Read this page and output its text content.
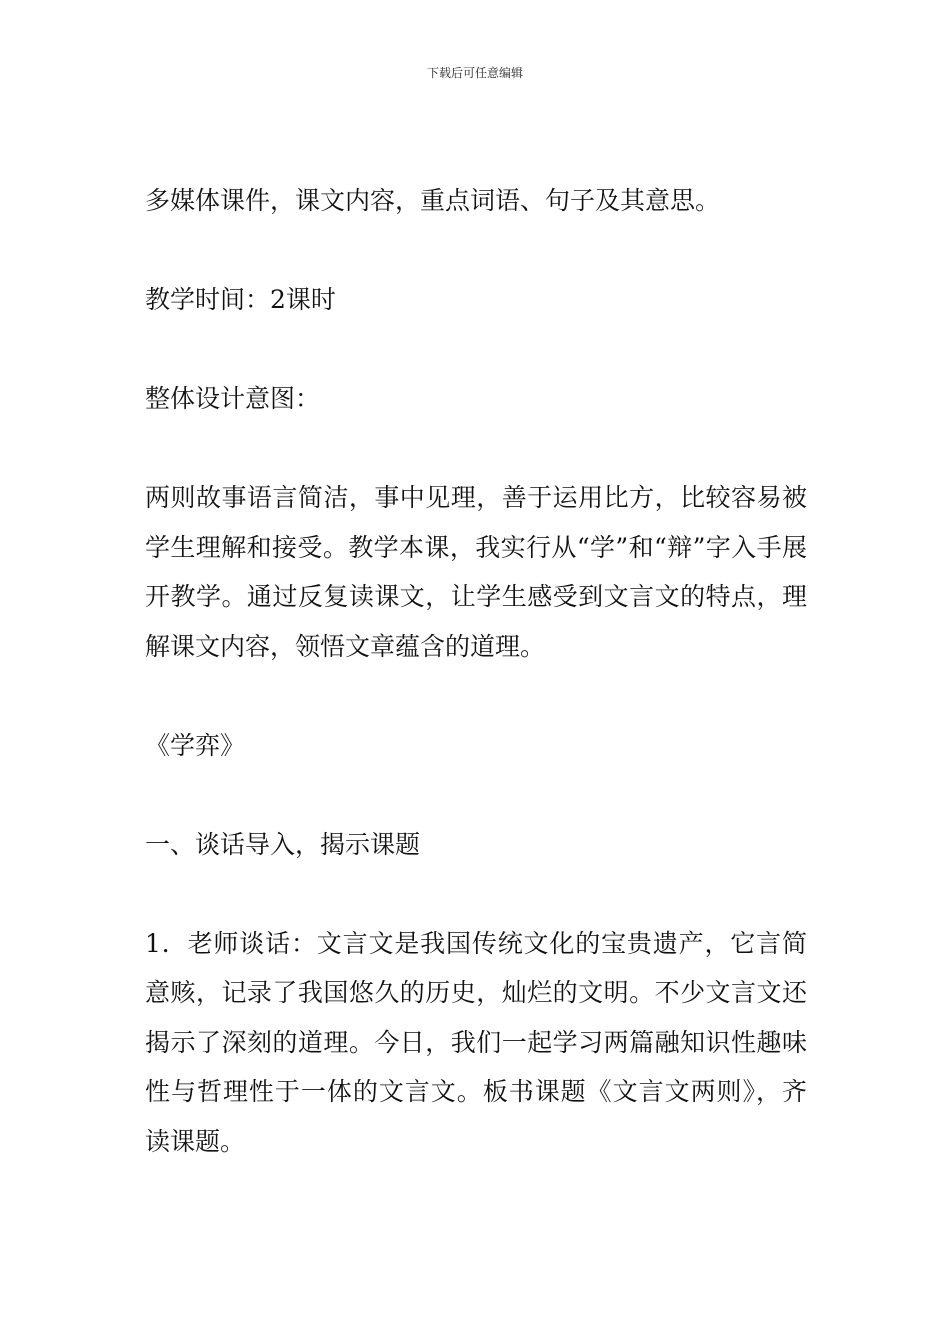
下载后可任意编辑

多媒体课件，课文内容，重点词语、句子及其意思。

教学时间：2课时

整体设计意图：

两则故事语言简洁，事中见理，善于运用比方，比较容易被学生理解和接受。教学本课，我实行从“学”和“辩”字入手展开教学。通过反复读课文，让学生感受到文言文的特点，理解课文内容，领悟文章蕴含的道理。

《学弈》

一、谈话导入，揭示课题

1．老师谈话：文言文是我国传统文化的宝贵遗产，它言简意赅，记录了我国悠久的历史，灿烂的文明。不少文言文还揭示了深刻的道理。今日，我们一起学习两篇融知识性趣味性与哲理性于一体的文言文。板书课题《文言文两则》，齐读课题。
